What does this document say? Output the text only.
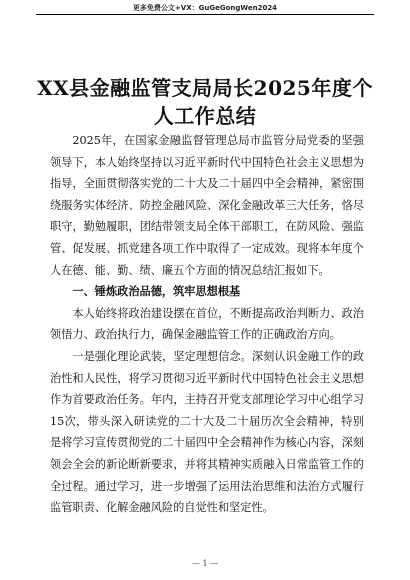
更多免费公文+VX：GuGeGongWen2024
XX县金融监管支局局长2025年度个人工作总结

2025年，在国家金融监督管理总局市监管分局党委的坚强领导下，本人始终坚持以习近平新时代中国特色社会主义思想为指导，全面贯彻落实党的二十大及二十届四中全会精神，紧密围绕服务实体经济、防控金融风险、深化金融改革三大任务，恪尽职守，勤勉履职，团结带领支局全体干部职工，在防风险、强监管、促发展、抓党建各项工作中取得了一定成效。现将本年度个人在德、能、勤、绩、廉五个方面的情况总结汇报如下。

一、锤炼政治品德，筑牢思想根基

本人始终将政治建设摆在首位，不断提高政治判断力、政治领悟力、政治执行力，确保金融监管工作的正确政治方向。

一是强化理论武装，坚定理想信念。深刻认识金融工作的政治性和人民性，将学习贯彻习近平新时代中国特色社会主义思想作为首要政治任务。年内，主持召开党支部理论学习中心组学习15次，带头深入研读党的二十大及二十届历次全会精神，特别是将学习宣传贯彻党的二十届四中全会精神作为核心内容，深刻领会全会的新论断新要求，并将其精神实质融入日常监管工作的全过程。通过学习，进一步增强了运用法治思维和法治方式履行监管职责、化解金融风险的自觉性和坚定性。

— 1 —
